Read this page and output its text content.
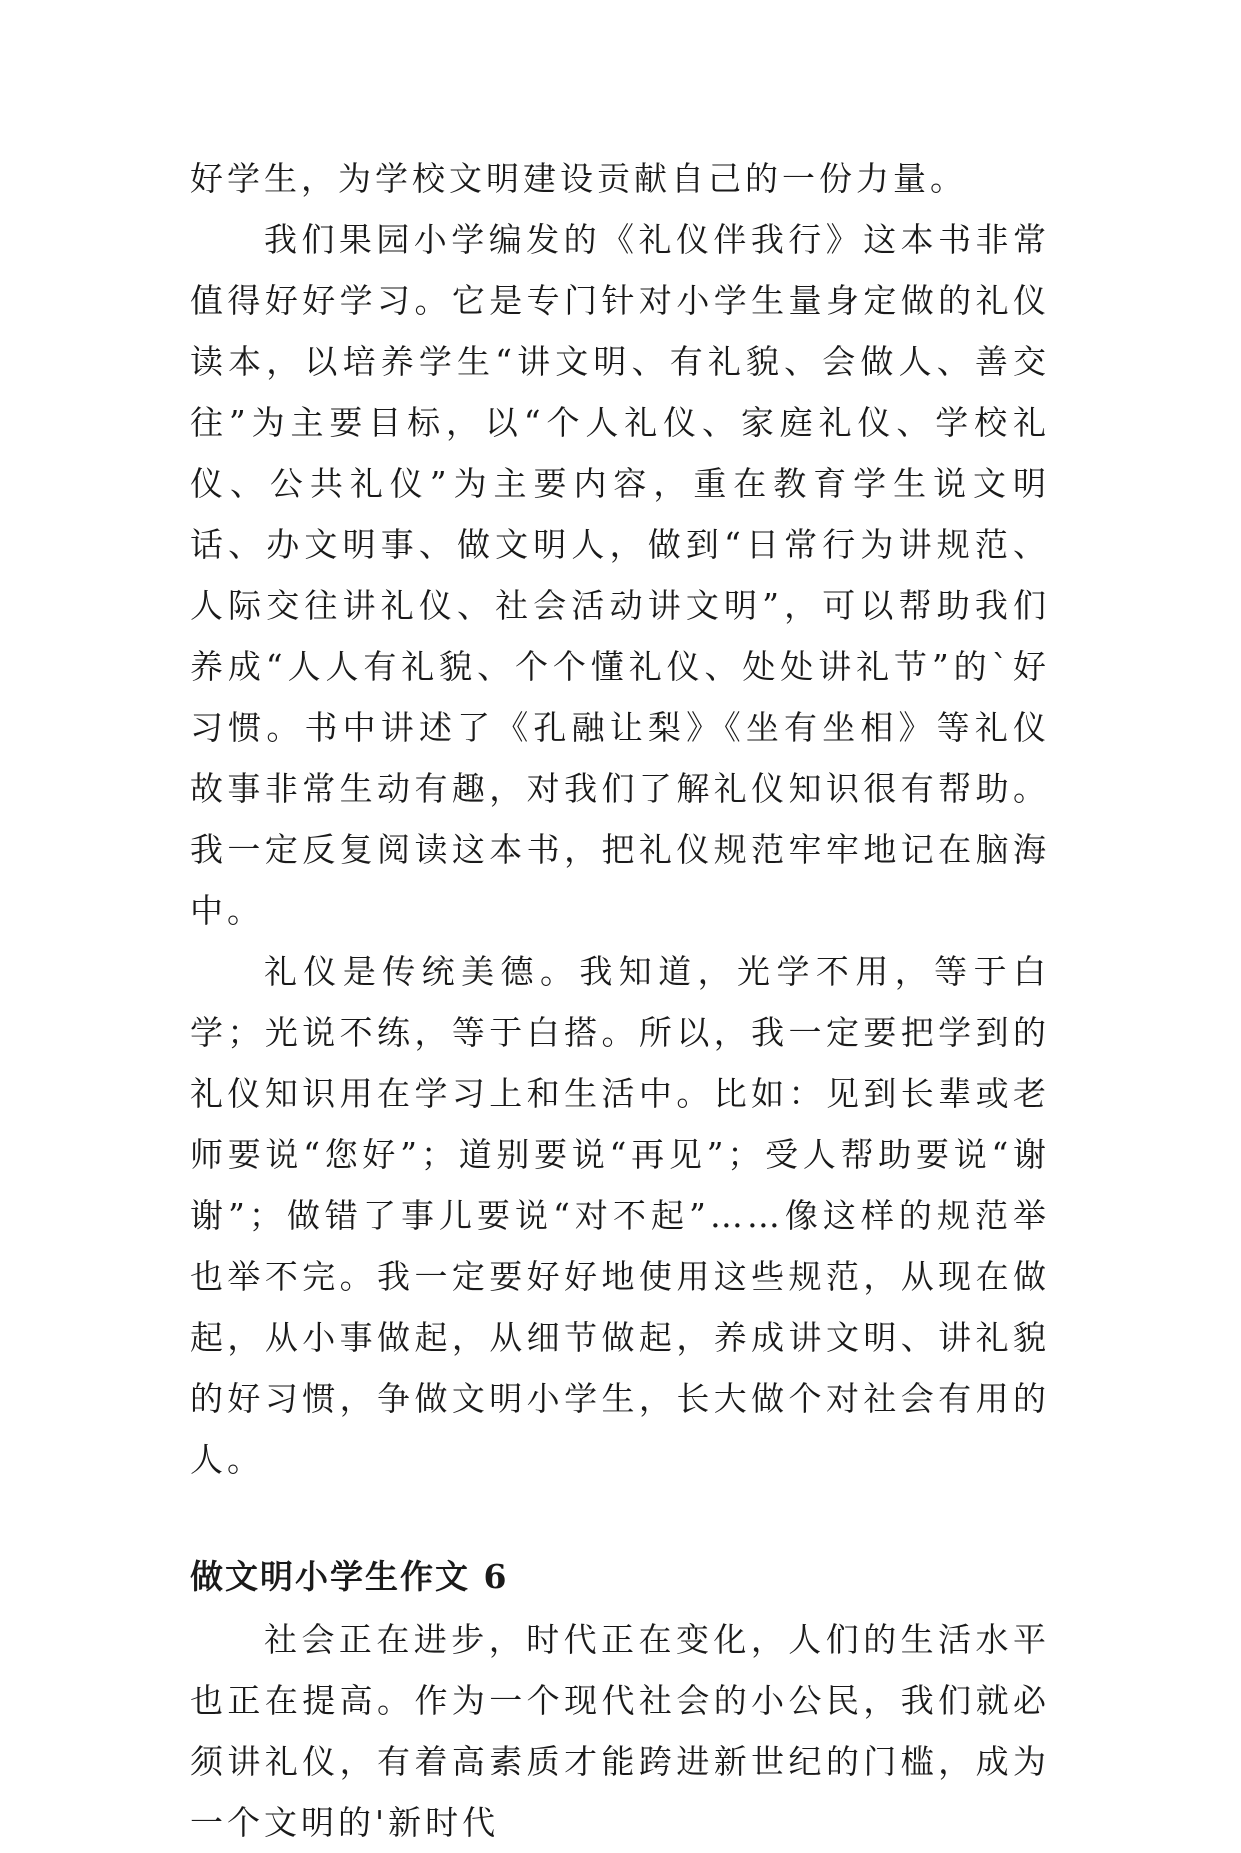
好学生，为学校文明建设贡献自己的一份力量。

我们果园小学编发的《礼仪伴我行》这本书非常值得好好学习。它是专门针对小学生量身定做的礼仪读本，以培养学生“讲文明、有礼貌、会做人、善交往”为主要目标，以“个人礼仪、家庭礼仪、学校礼仪、公共礼仪”为主要内容，重在教育学生说文明话、办文明事、做文明人，做到“日常行为讲规范、人际交往讲礼仪、社会活动讲文明”，可以帮助我们养成“人人有礼貌、个个懂礼仪、处处讲礼节”的`好习惯。书中讲述了《孔融让梨》《坐有坐相》等礼仪故事非常生动有趣，对我们了解礼仪知识很有帮助。我一定反复阅读这本书，把礼仪规范牢牢地记在脑海中。

礼仪是传统美德。我知道，光学不用，等于白学；光说不练，等于白搭。所以，我一定要把学到的礼仪知识用在学习上和生活中。比如：见到长辈或老师要说“您好”；道别要说“再见”；受人帮助要说“谢谢”；做错了事儿要说“对不起”……像这样的规范举也举不完。我一定要好好地使用这些规范，从现在做起，从小事做起，从细节做起，养成讲文明、讲礼貌的好习惯，争做文明小学生，长大做个对社会有用的人。

做文明小学生作文 6

社会正在进步，时代正在变化，人们的生活水平也正在提高。作为一个现代社会的小公民，我们就必须讲礼仪，有着高素质才能跨进新世纪的门槛，成为一个文明的'新时代
